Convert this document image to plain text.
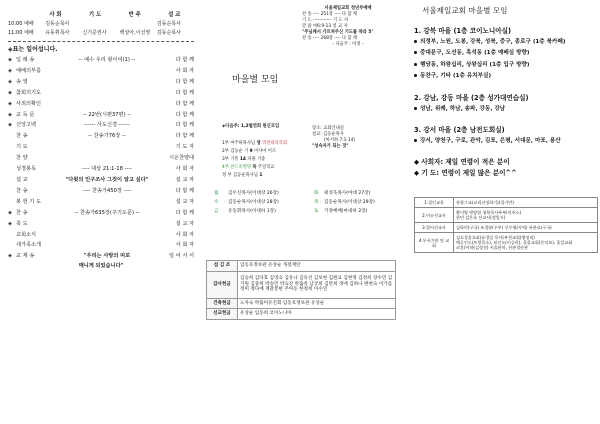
사 회	기 도	반 주	설 교
10:00 예배	김동순목사	김동순목사
11:00 예배	유동휘목사	신기준권사	백상아,이선영	김동순목사
◈표는 일어섭니다.
◈ 입 례 송	-- 예수 우리 왕이여(1) --	다 함 께
◈ 예배의부름	사 회 자
◈ 송 영	다 함 께
◈ 참회의기도	다 함 께
◈ 사죄의확인	다 함 께
◈ 교 독 문	-- 22번(시편37편) --	다 함 께
◈ 신앙고백	------ 사도신경 ------	다 함 께
찬 송	-- 찬송가76장 --	다 함 께
기 도	기 도 자
찬 양	시온찬양대
성경봉독	---- 대상 21:1-18 ----	사 회 자
설 교	"다윗의 인구조사 그것이 알고 싶다"	설 교 자
찬 송	---- 찬송가450장 ----	다 함 께
봉 헌 기 도	설 교 자
◈ 찬 송	-- 찬송가635장(주기도문) --	다 함 께
◈ 축 도	설 교 자
교회소식	사 회 자
새가족소개	사 회 자
◈ 교 제 송	"우리는 사랑의 띠로	일 어 서 서
매니게 되었습니다"
서울제일교회 청년부예배
찬 송 ---- 251장 ---- 다 함 께
기 도 ------------ 기 도 자
말 씀 마6:9-13 설 교 자
"주님께서 가르쳐주신 기도를 따라 5"
찬 송 ---- 268장 ---- 다 함 께
- 다음주 : 미정 -
마을별 모임
◈다음주: 1,2월연회 원신모임	장소: 교회안내실
설교: 김동순목사
(마서하 7:1-14)
"성숙자가 되는 것"
1부 여주하목사님 영 역전대리학회
2부 김동순 기 9 미사마 이르
3부 기흥 14 파종 기증
4부 찬드옥별명 목 주일학교
정 부 김동순목사님 1
월	김두신목사(이대상 26장)	화	최성욱목사(마대 27장)
수	김동순목사(이대상 28장)	목	김동순목사(이대상 29장)
금	유동휘목사(이대하 1장)	토	기정예배(마대하 2장)
섬 김 조	임동호정보관 유상순 개설재탄
감사헌금	김승희 김다효 김영숙 김유나 김유선 김보현 김원표 김현정 김정희 장수민 김기원 김중희 박승민 박숙진 박출옥 남궁희 김만희 정애 김하나 변현숙 이가를 정미 정다예 계갈봉현 주아동 한정희 이수연
건축헌금	노자숙 박출미유진회 임동호정보관 유상순
선교헌금	유상순 임동희 코이노니아
서울제일교회 마을별 모임
1. 강북 마을 (1층 코이노니아실)
의정부, 노원, 도봉, 강북, 성북, 중구, 종로구 (1층 북카페)
중대문구, 도선동, 흑석동 (1층 예배실 방향)
행당동, 하왕십리, 상왕십리 (1층 입구 방향)
동찬구, 기타 (1층 유치부실)
2. 강남, 강동 마을 (2층 성가대연습실)
성남, 위례, 하남, 송파, 강동, 강남
3. 강서 마을 (2층 남전도회실)
강서, 양천구, 구로, 관악, 김포, 은평, 서대문, 마포, 용산
◆ 사회자: 제일 연령이 적은 분이
◆ 기 도: 연령이 제일 많은 분이^^
1.절인교육	통합그교(교리선정하기)(절기반)
2.이슈선교사	황미영 박양열 청북목사부부(미주스)
한민 김은호 선교사(정일시)
3.열어선교사	김하미(구국) 조경항(우주) 신우영(사역) 폭관요(구국)
4.무서기관 및 교회	김포경울요회(유경일 목사(부천교회(행정직)
예루인드(트링목소), 보인도(이승희), 홀몰교회(문익보), 홀일교회
코흔)이하(김정선) 서울관마, 산관경산관
